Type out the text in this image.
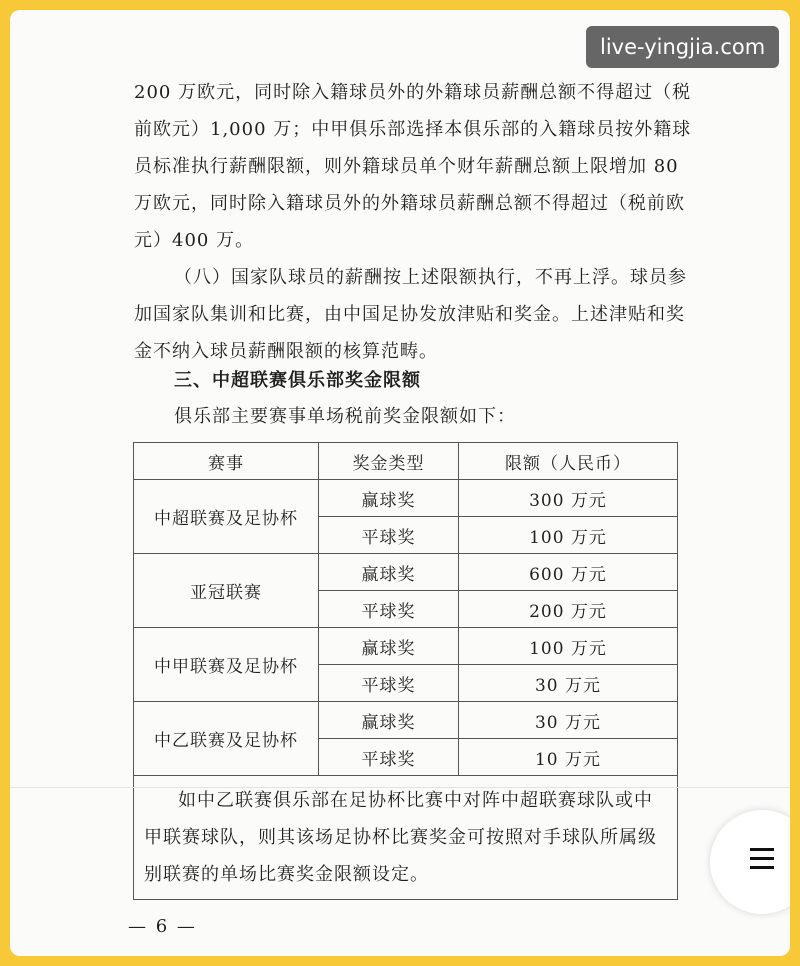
live-yingjia.com
200 万欧元，同时除入籍球员外的外籍球员薪酬总额不得超过（税前欧元）1,000 万；中甲俱乐部选择本俱乐部的入籍球员按外籍球员标准执行薪酬限额，则外籍球员单个财年薪酬总额上限增加 80 万欧元，同时除入籍球员外的外籍球员薪酬总额不得超过（税前欧元）400 万。
（八）国家队球员的薪酬按上述限额执行，不再上浮。球员参加国家队集训和比赛，由中国足协发放津贴和奖金。上述津贴和奖金不纳入球员薪酬限额的核算范畴。
三、中超联赛俱乐部奖金限额
俱乐部主要赛事单场税前奖金限额如下：
赛事	奖金类型	限额（人民币）
中超联赛及足协杯	赢球奖	300 万元
	平球奖	100 万元
亚冠联赛	赢球奖	600 万元
	平球奖	200 万元
中甲联赛及足协杯	赢球奖	100 万元
	平球奖	30 万元
中乙联赛及足协杯	赢球奖	30 万元
	平球奖	10 万元
如中乙联赛俱乐部在足协杯比赛中对阵中超联赛球队或中甲联赛球队，则其该场足协杯比赛奖金可按照对手球队所属级别联赛的单场比赛奖金限额设定。		
— 6 —
